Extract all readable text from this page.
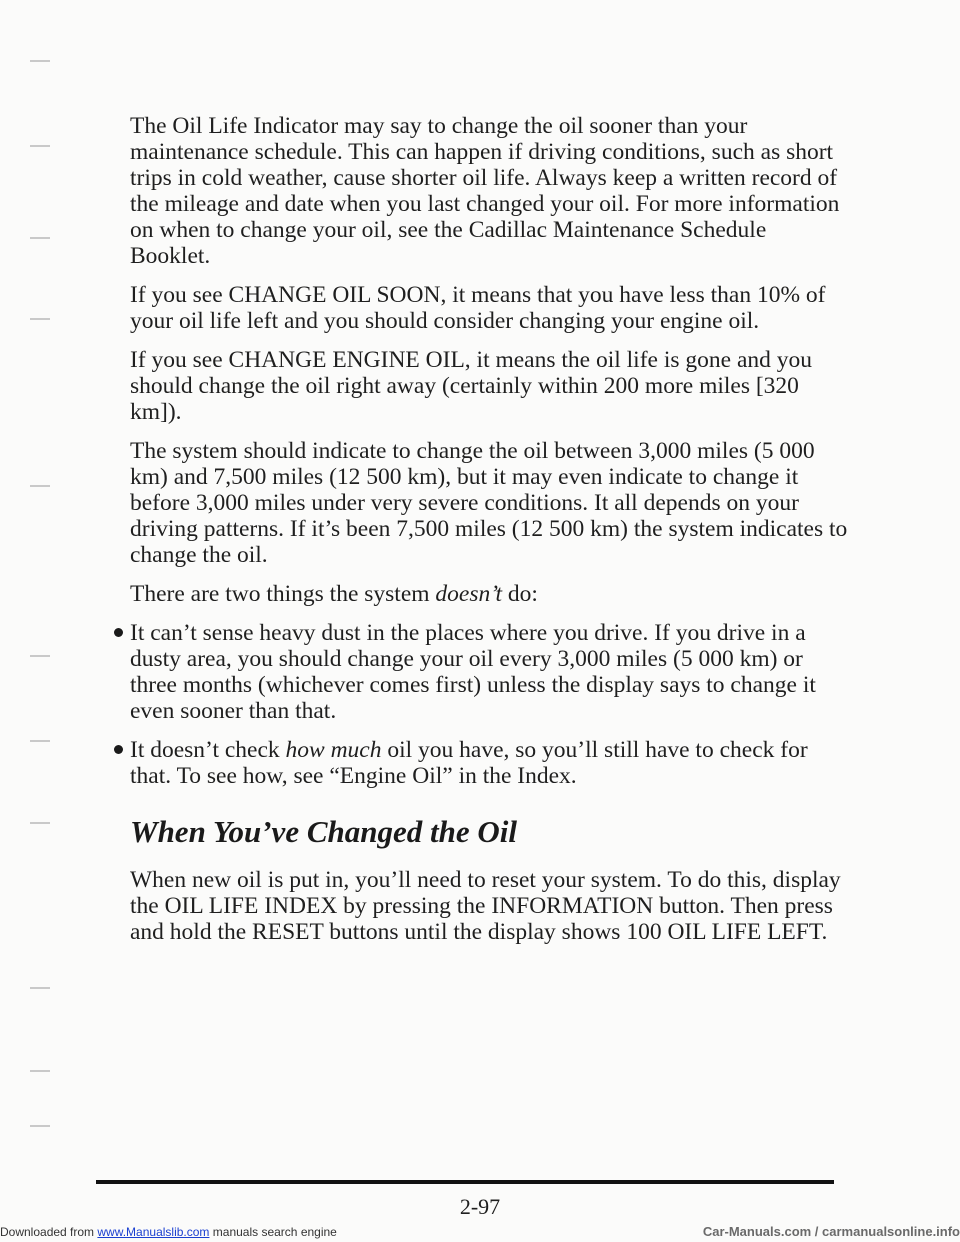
The Oil Life Indicator may say to change the oil sooner than your maintenance schedule. This can happen if driving conditions, such as short trips in cold weather, cause shorter oil life. Always keep a written record of the mileage and date when you last changed your oil. For more information on when to change your oil, see the Cadillac Maintenance Schedule Booklet.

If you see CHANGE OIL SOON, it means that you have less than 10% of your oil life left and you should consider changing your engine oil.

If you see CHANGE ENGINE OIL, it means the oil life is gone and you should change the oil right away (certainly within 200 more miles [320 km]).

The system should indicate to change the oil between 3,000 miles (5 000 km) and 7,500 miles (12 500 km), but it may even indicate to change it before 3,000 miles under very severe conditions. It all depends on your driving patterns. If it’s been 7,500 miles (12 500 km) the system indicates to change the oil.

There are two things the system doesn’t do:

It can’t sense heavy dust in the places where you drive. If you drive in a dusty area, you should change your oil every 3,000 miles (5 000 km) or three months (whichever comes first) unless the display says to change it even sooner than that.
It doesn’t check how much oil you have, so you’ll still have to check for that. To see how, see “Engine Oil” in the Index.
When You’ve Changed the Oil

When new oil is put in, you’ll need to reset your system. To do this, display the OIL LIFE INDEX by pressing the INFORMATION button. Then press and hold the RESET buttons until the display shows 100 OIL LIFE LEFT.

2-97
Downloaded from www.Manualslib.com manuals search engine	Car-Manuals.com / carmanualsonline.info
